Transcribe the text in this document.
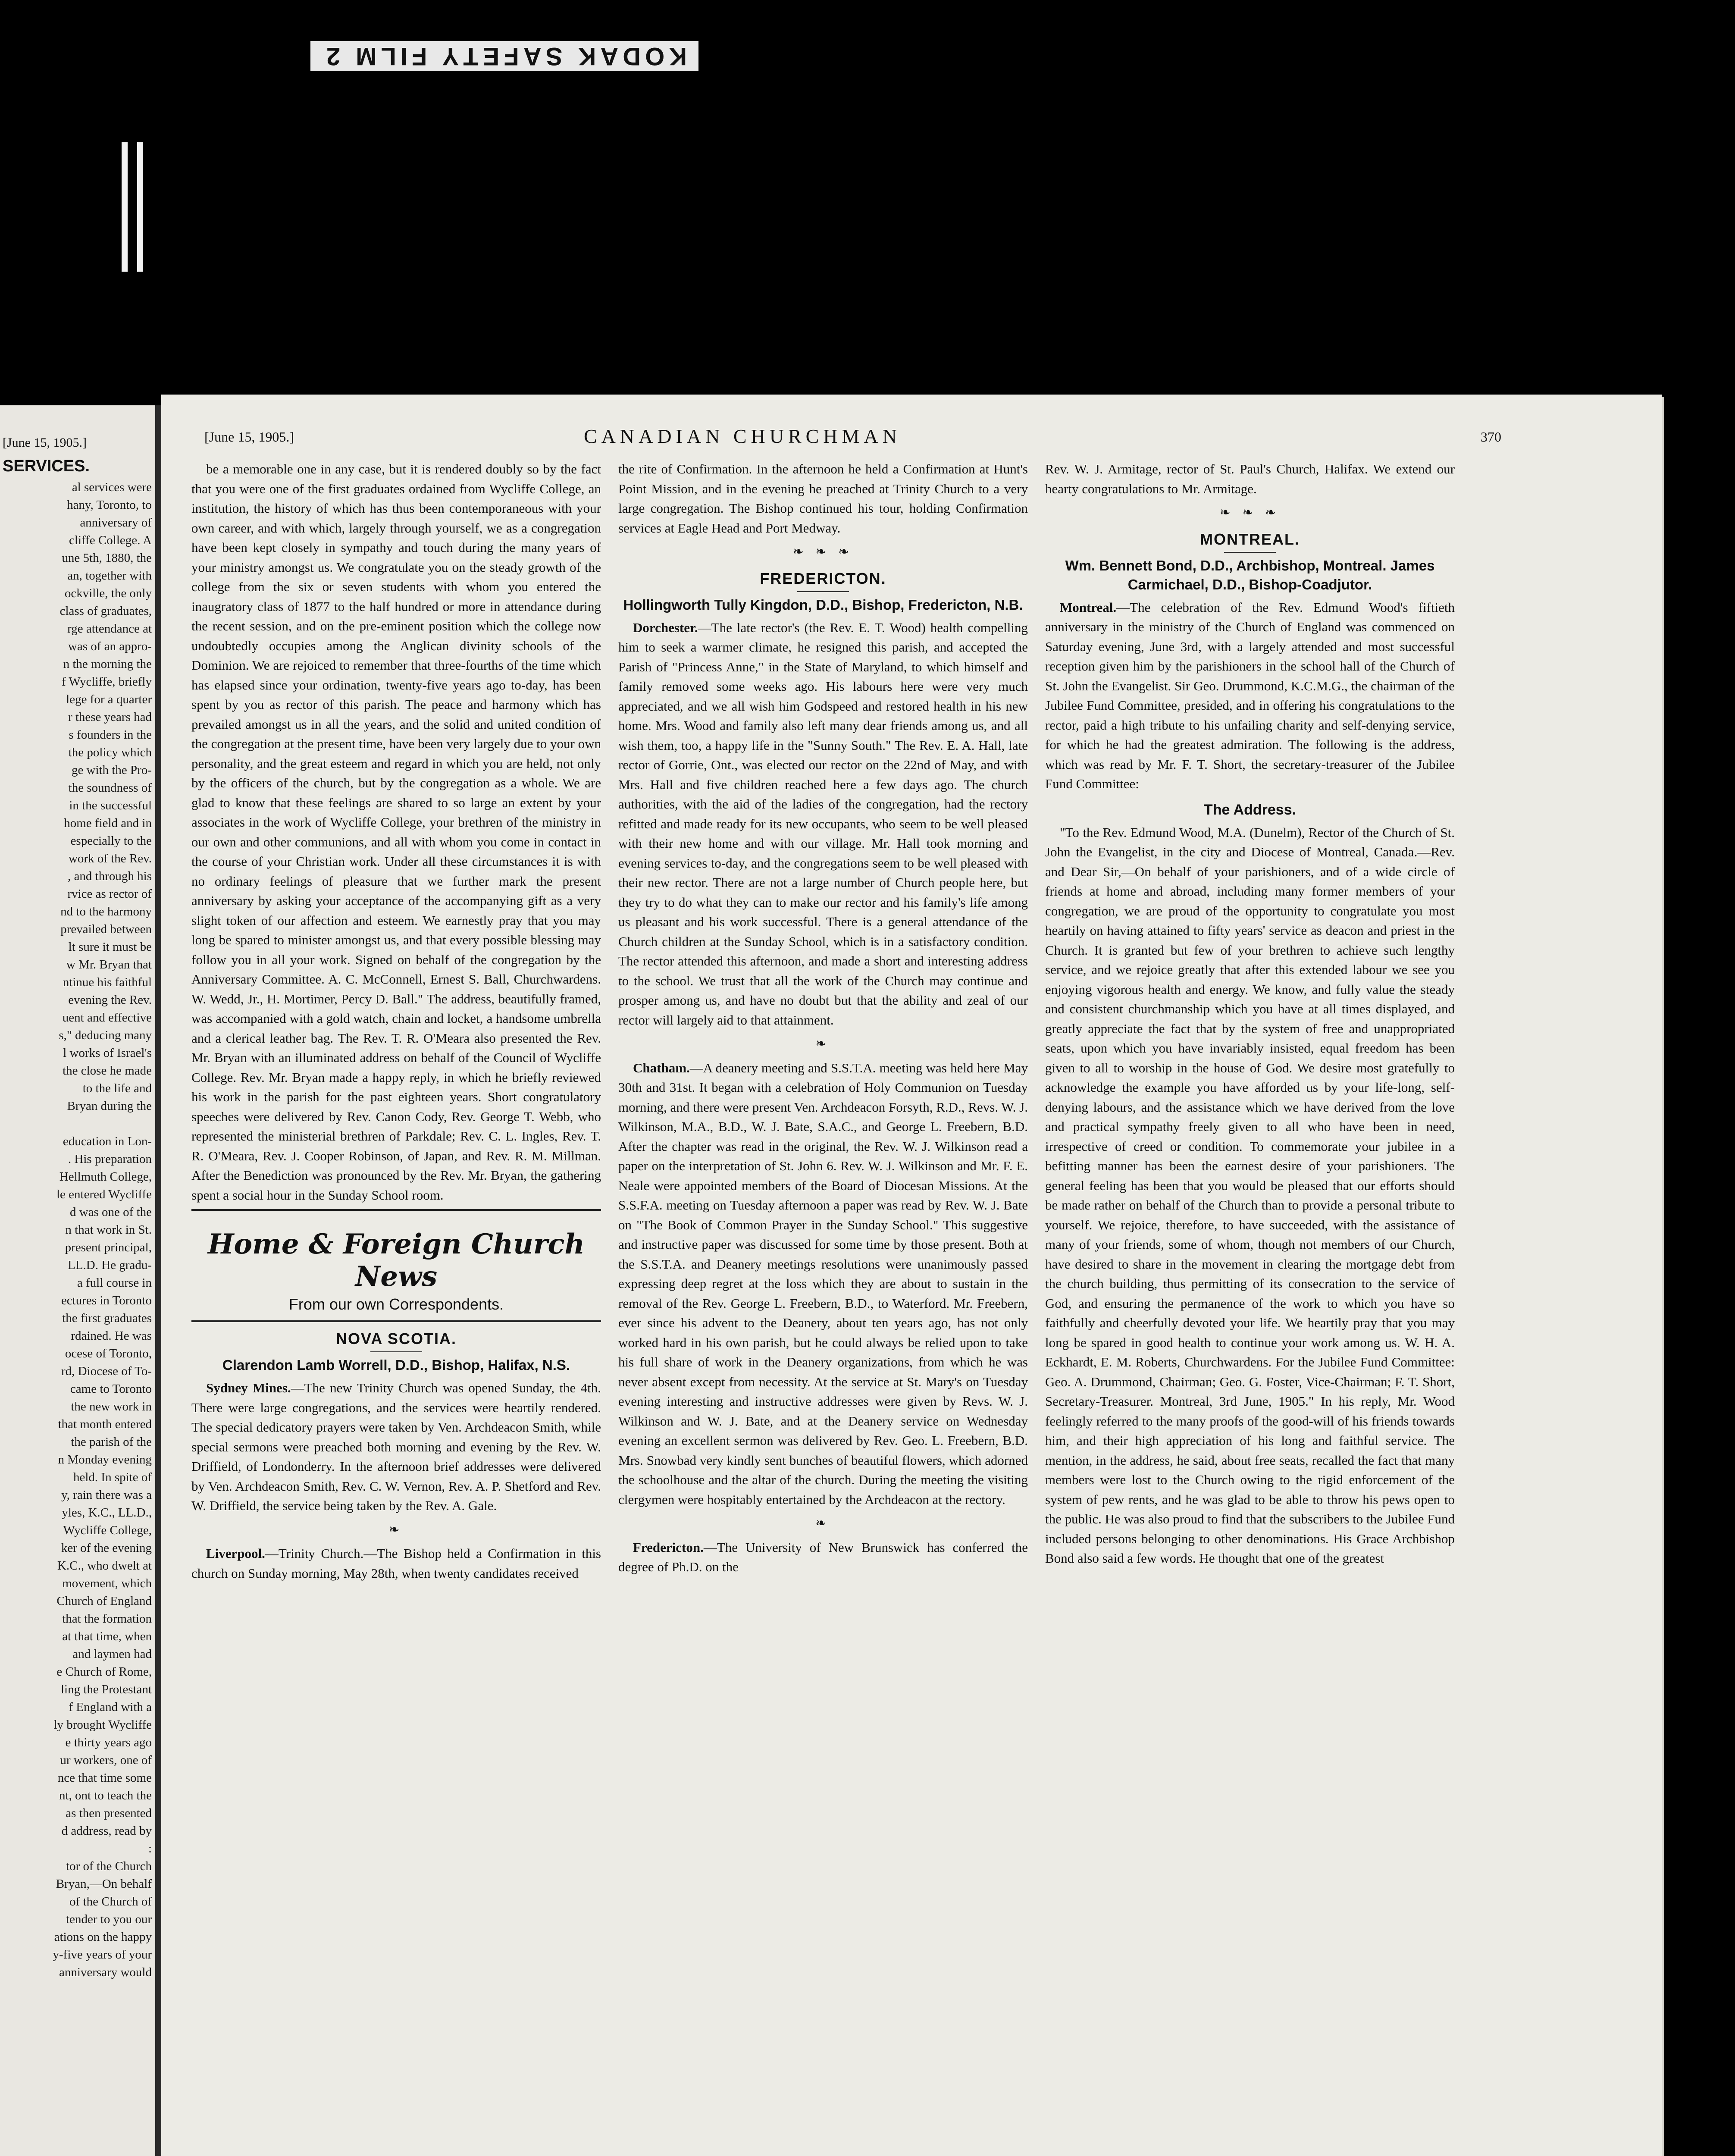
KODAK SAFETY FILM 2
[June 15, 1905.]
SERVICES.
al services were
hany, Toronto, to
anniversary of
cliffe College. A
une 5th, 1880, the
an, together with
ockville, the only
class of graduates,
rge attendance at
was of an appro-
n the morning the
f Wycliffe, briefly
lege for a quarter
r these years had
s founders in the
the policy which
ge with the Pro-
the soundness of
in the successful
home field and in
especially to the
work of the Rev.
, and through his
rvice as rector of
nd to the harmony
prevailed between
lt sure it must be
w Mr. Bryan that
ntinue his faithful
evening the Rev.
uent and effective
s," deducing many
l works of Israel's
the close he made
to the life and
Bryan during the

education in Lon-
. His preparation
Hellmuth College,
le entered Wycliffe
d was one of the
n that work in St.
present principal,
LL.D. He gradu-
a full course in
ectures in Toronto
the first graduates
rdained. He was
ocese of Toronto,
rd, Diocese of To-
came to Toronto
the new work in
that month entered
the parish of the
n Monday evening
held. In spite of
y, rain there was a
yles, K.C., LL.D.,
Wycliffe College,
ker of the evening
K.C., who dwelt at
movement, which
Church of England
that the formation
at that time, when
and laymen had
e Church of Rome,
ling the Protestant
f England with a
ly brought Wycliffe
e thirty years ago
ur workers, one of
nce that time some
nt, ont to teach the
as then presented
d address, read by
:
tor of the Church
Bryan,—On behalf
of the Church of
tender to you our
ations on the happy
y-five years of your
anniversary would
[June 15, 1905.]	CANADIAN CHURCHMAN	370

be a memorable one in any case, but it is rendered doubly so by the fact that you were one of the first graduates ordained from Wycliffe College, an institution, the history of which has thus been contemporaneous with your own career, and with which, largely through yourself, we as a congregation have been kept closely in sympathy and touch during the many years of your ministry amongst us. We congratulate you on the steady growth of the college from the six or seven students with whom you entered the inaugratory class of 1877 to the half hundred or more in attendance during the recent session, and on the pre-eminent position which the college now undoubtedly occupies among the Anglican divinity schools of the Dominion. We are rejoiced to remember that three-fourths of the time which has elapsed since your ordination, twenty-five years ago to-day, has been spent by you as rector of this parish. The peace and harmony which has prevailed amongst us in all the years, and the solid and united condition of the congregation at the present time, have been very largely due to your own personality, and the great esteem and regard in which you are held, not only by the officers of the church, but by the congregation as a whole. We are glad to know that these feelings are shared to so large an extent by your associates in the work of Wycliffe College, your brethren of the ministry in our own and other communions, and all with whom you come in contact in the course of your Christian work. Under all these circumstances it is with no ordinary feelings of pleasure that we further mark the present anniversary by asking your acceptance of the accompanying gift as a very slight token of our affection and esteem. We earnestly pray that you may long be spared to minister amongst us, and that every possible blessing may follow you in all your work. Signed on behalf of the congregation by the Anniversary Committee. A. C. McConnell, Ernest S. Ball, Churchwardens. W. Wedd, Jr., H. Mortimer, Percy D. Ball." The address, beautifully framed, was accompanied with a gold watch, chain and locket, a handsome umbrella and a clerical leather bag. The Rev. T. R. O'Meara also presented the Rev. Mr. Bryan with an illuminated address on behalf of the Council of Wycliffe College. Rev. Mr. Bryan made a happy reply, in which he briefly reviewed his work in the parish for the past eighteen years. Short congratulatory speeches were delivered by Rev. Canon Cody, Rev. George T. Webb, who represented the ministerial brethren of Parkdale; Rev. C. L. Ingles, Rev. T. R. O'Meara, Rev. J. Cooper Robinson, of Japan, and Rev. R. M. Millman. After the Benediction was pronounced by the Rev. Mr. Bryan, the gathering spent a social hour in the Sunday School room.

Home & Foreign Church News
From our own Correspondents.
NOVA SCOTIA.
Clarendon Lamb Worrell, D.D., Bishop, Halifax, N.S.

Sydney Mines.—The new Trinity Church was opened Sunday, the 4th. There were large congregations, and the services were heartily rendered. The special dedicatory prayers were taken by Ven. Archdeacon Smith, while special sermons were preached both morning and evening by the Rev. W. Driffield, of Londonderry. In the afternoon brief addresses were delivered by Ven. Archdeacon Smith, Rev. C. W. Vernon, Rev. A. P. Shetford and Rev. W. Driffield, the service being taken by the Rev. A. Gale.

❧

Liverpool.—Trinity Church.—The Bishop held a Confirmation in this church on Sunday morning, May 28th, when twenty candidates received

the rite of Confirmation. In the afternoon he held a Confirmation at Hunt's Point Mission, and in the evening he preached at Trinity Church to a very large congregation. The Bishop continued his tour, holding Confirmation services at Eagle Head and Port Medway.

❧ ❧ ❧
FREDERICTON.
Hollingworth Tully Kingdon, D.D., Bishop, Fredericton, N.B.

Dorchester.—The late rector's (the Rev. E. T. Wood) health compelling him to seek a warmer climate, he resigned this parish, and accepted the Parish of "Princess Anne," in the State of Maryland, to which himself and family removed some weeks ago. His labours here were very much appreciated, and we all wish him Godspeed and restored health in his new home. Mrs. Wood and family also left many dear friends among us, and all wish them, too, a happy life in the "Sunny South." The Rev. E. A. Hall, late rector of Gorrie, Ont., was elected our rector on the 22nd of May, and with Mrs. Hall and five children reached here a few days ago. The church authorities, with the aid of the ladies of the congregation, had the rectory refitted and made ready for its new occupants, who seem to be well pleased with their new home and with our village. Mr. Hall took morning and evening services to-day, and the congregations seem to be well pleased with their new rector. There are not a large number of Church people here, but they try to do what they can to make our rector and his family's life among us pleasant and his work successful. There is a general attendance of the Church children at the Sunday School, which is in a satisfactory condition. The rector attended this afternoon, and made a short and interesting address to the school. We trust that all the work of the Church may continue and prosper among us, and have no doubt but that the ability and zeal of our rector will largely aid to that attainment.

❧

Chatham.—A deanery meeting and S.S.T.A. meeting was held here May 30th and 31st. It began with a celebration of Holy Communion on Tuesday morning, and there were present Ven. Archdeacon Forsyth, R.D., Revs. W. J. Wilkinson, M.A., B.D., W. J. Bate, S.A.C., and George L. Freebern, B.D. After the chapter was read in the original, the Rev. W. J. Wilkinson read a paper on the interpretation of St. John 6. Rev. W. J. Wilkinson and Mr. F. E. Neale were appointed members of the Board of Diocesan Missions. At the S.S.F.A. meeting on Tuesday afternoon a paper was read by Rev. W. J. Bate on "The Book of Common Prayer in the Sunday School." This suggestive and instructive paper was discussed for some time by those present. Both at the S.S.T.A. and Deanery meetings resolutions were unanimously passed expressing deep regret at the loss which they are about to sustain in the removal of the Rev. George L. Freebern, B.D., to Waterford. Mr. Freebern, ever since his advent to the Deanery, about ten years ago, has not only worked hard in his own parish, but he could always be relied upon to take his full share of work in the Deanery organizations, from which he was never absent except from necessity. At the service at St. Mary's on Tuesday evening interesting and instructive addresses were given by Revs. W. J. Wilkinson and W. J. Bate, and at the Deanery service on Wednesday evening an excellent sermon was delivered by Rev. Geo. L. Freebern, B.D. Mrs. Snowbad very kindly sent bunches of beautiful flowers, which adorned the schoolhouse and the altar of the church. During the meeting the visiting clergymen were hospitably entertained by the Archdeacon at the rectory.

❧

Fredericton.—The University of New Brunswick has conferred the degree of Ph.D. on the

Rev. W. J. Armitage, rector of St. Paul's Church, Halifax. We extend our hearty congratulations to Mr. Armitage.

❧ ❧ ❧
MONTREAL.
Wm. Bennett Bond, D.D., Archbishop, Montreal. James Carmichael, D.D., Bishop-Coadjutor.

Montreal.—The celebration of the Rev. Edmund Wood's fiftieth anniversary in the ministry of the Church of England was commenced on Saturday evening, June 3rd, with a largely attended and most successful reception given him by the parishioners in the school hall of the Church of St. John the Evangelist. Sir Geo. Drummond, K.C.M.G., the chairman of the Jubilee Fund Committee, presided, and in offering his congratulations to the rector, paid a high tribute to his unfailing charity and self-denying service, for which he had the greatest admiration. The following is the address, which was read by Mr. F. T. Short, the secretary-treasurer of the Jubilee Fund Committee:

The Address.

"To the Rev. Edmund Wood, M.A. (Dunelm), Rector of the Church of St. John the Evangelist, in the city and Diocese of Montreal, Canada.—Rev. and Dear Sir,—On behalf of your parishioners, and of a wide circle of friends at home and abroad, including many former members of your congregation, we are proud of the opportunity to congratulate you most heartily on having attained to fifty years' service as deacon and priest in the Church. It is granted but few of your brethren to achieve such lengthy service, and we rejoice greatly that after this extended labour we see you enjoying vigorous health and energy. We know, and fully value the steady and consistent churchmanship which you have at all times displayed, and greatly appreciate the fact that by the system of free and unappropriated seats, upon which you have invariably insisted, equal freedom has been given to all to worship in the house of God. We desire most gratefully to acknowledge the example you have afforded us by your life-long, self-denying labours, and the assistance which we have derived from the love and practical sympathy freely given to all who have been in need, irrespective of creed or condition. To commemorate your jubilee in a befitting manner has been the earnest desire of your parishioners. The general feeling has been that you would be pleased that our efforts should be made rather on behalf of the Church than to provide a personal tribute to yourself. We rejoice, therefore, to have succeeded, with the assistance of many of your friends, some of whom, though not members of our Church, have desired to share in the movement in clearing the mortgage debt from the church building, thus permitting of its consecration to the service of God, and ensuring the permanence of the work to which you have so faithfully and cheerfully devoted your life. We heartily pray that you may long be spared in good health to continue your work among us. W. H. A. Eckhardt, E. M. Roberts, Churchwardens. For the Jubilee Fund Committee: Geo. A. Drummond, Chairman; Geo. G. Foster, Vice-Chairman; F. T. Short, Secretary-Treasurer. Montreal, 3rd June, 1905." In his reply, Mr. Wood feelingly referred to the many proofs of the good-will of his friends towards him, and their high appreciation of his long and faithful service. The mention, in the address, he said, about free seats, recalled the fact that many members were lost to the Church owing to the rigid enforcement of the system of pew rents, and he was glad to be able to throw his pews open to the public. He was also proud to find that the subscribers to the Jubilee Fund included persons belonging to other denominations. His Grace Archbishop Bond also said a few words. He thought that one of the greatest
